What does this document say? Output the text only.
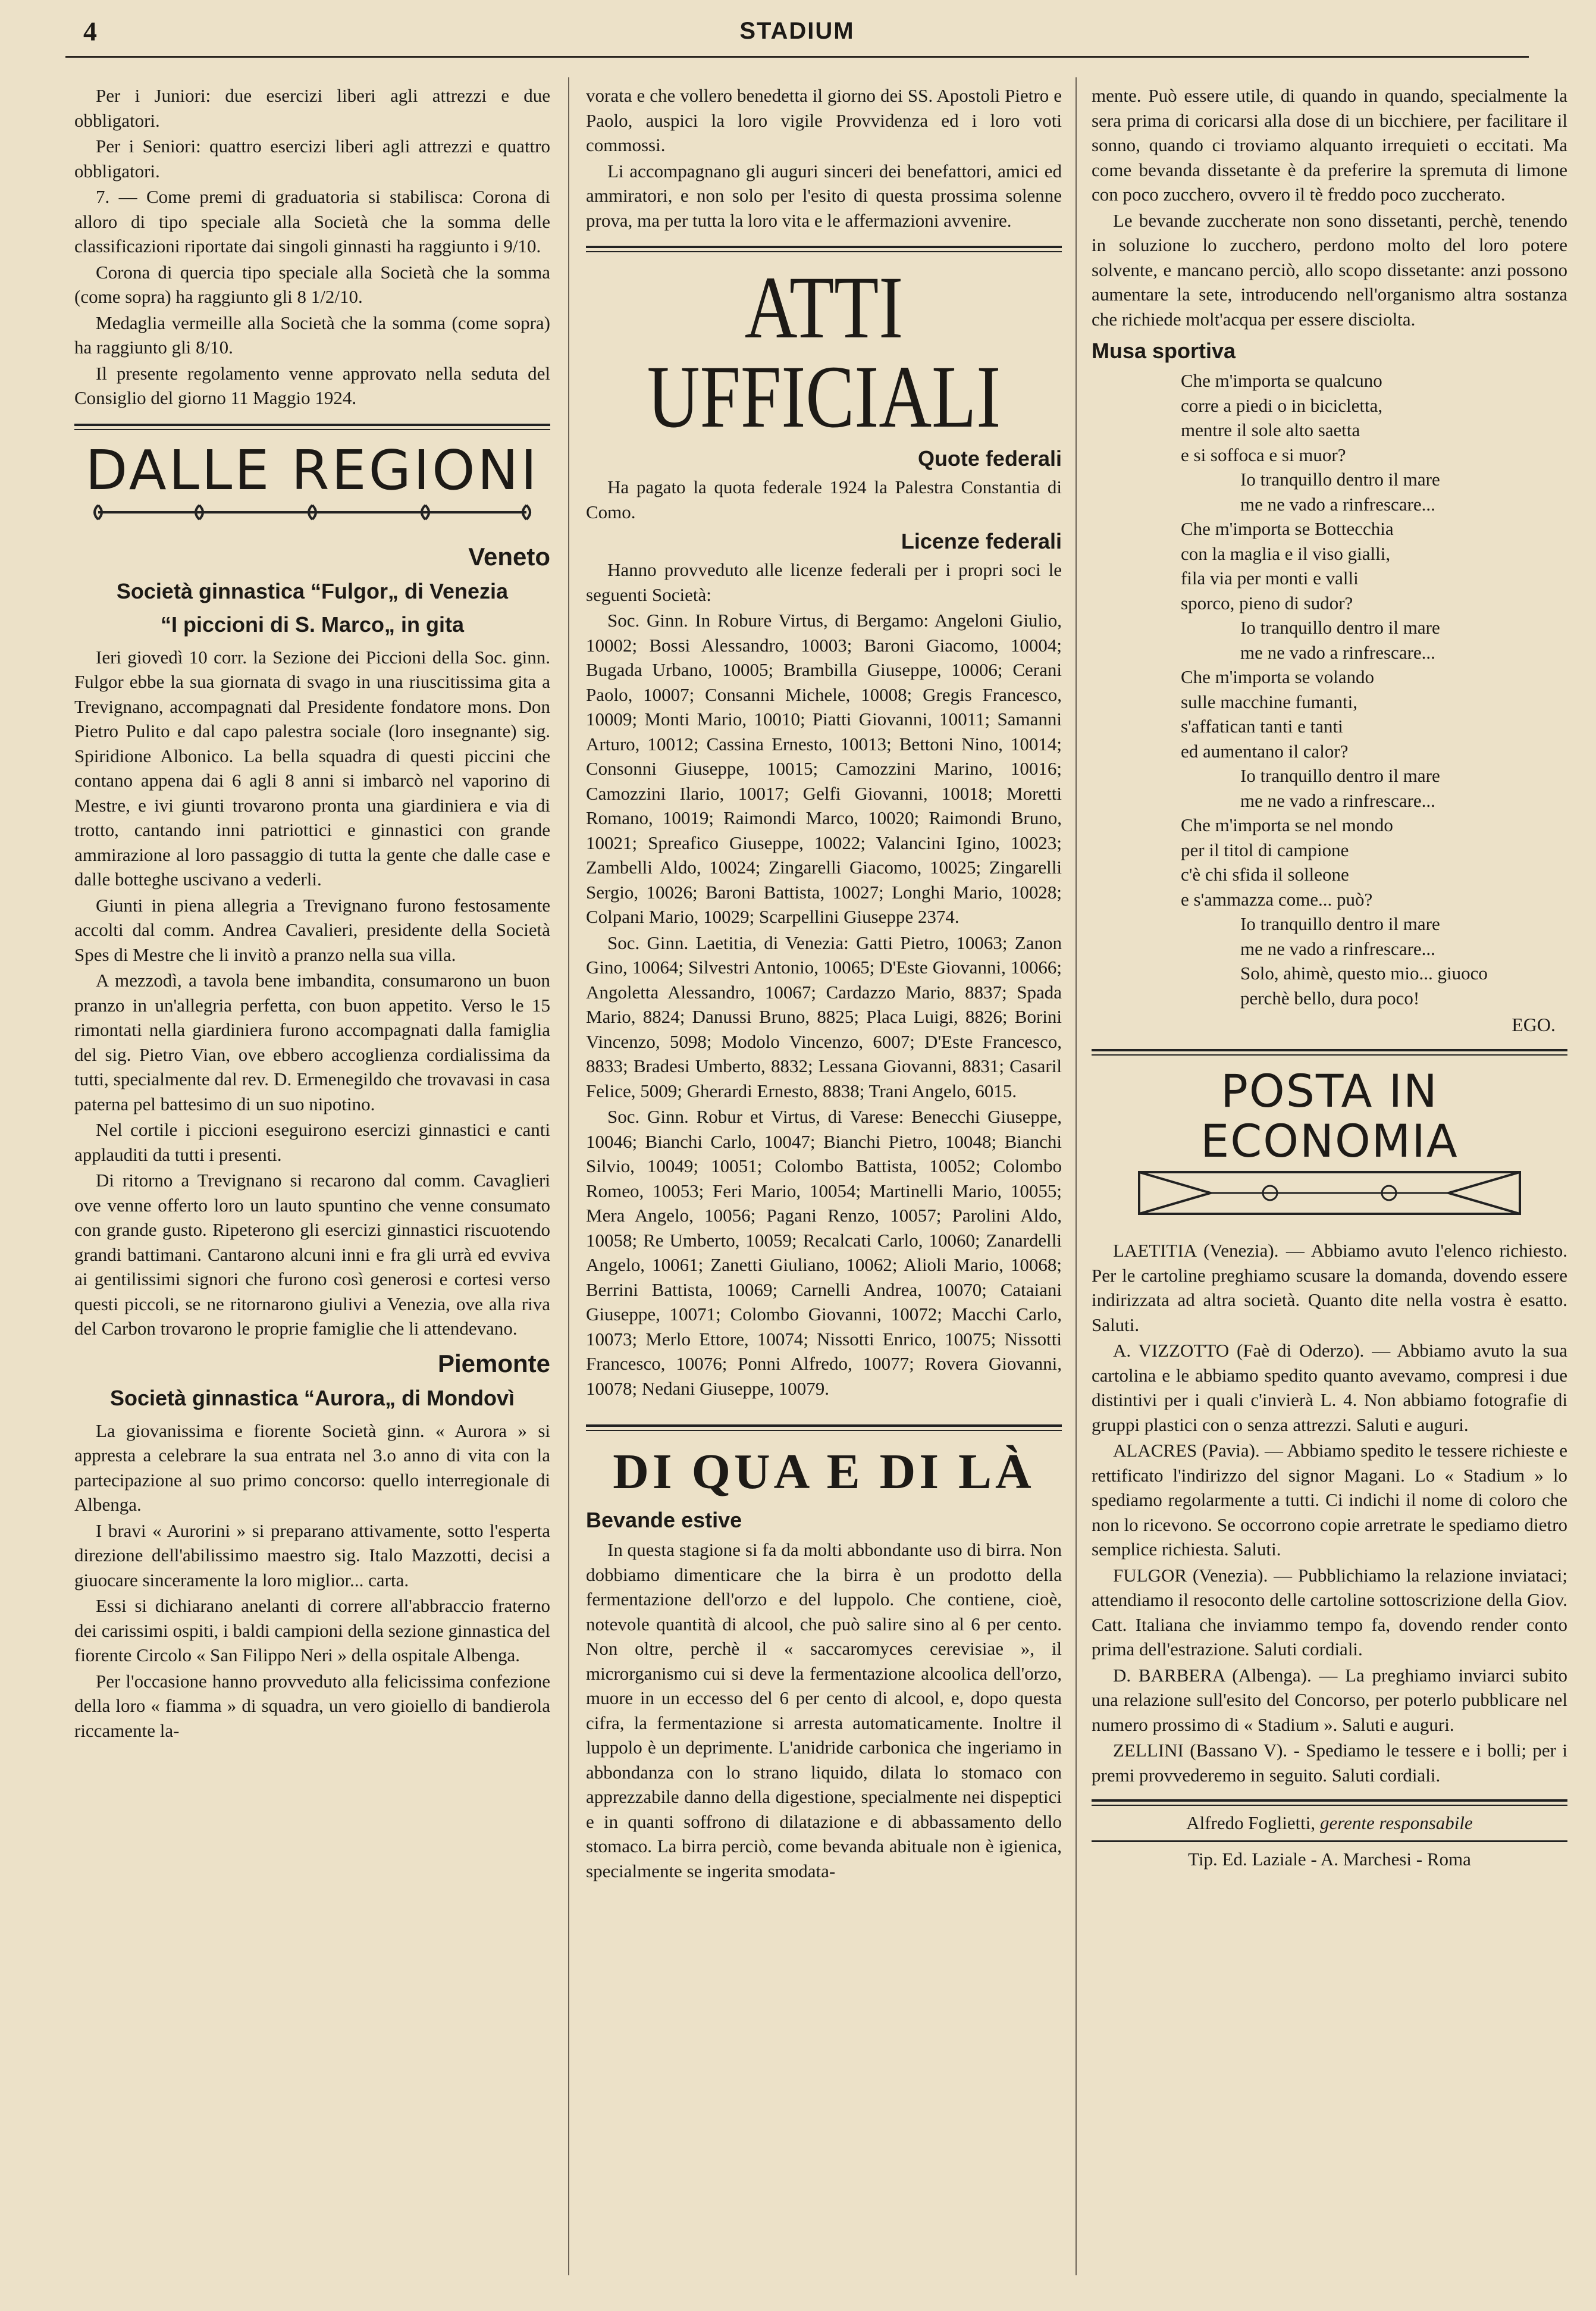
4	STADIUM

Per i Juniori: due esercizi liberi agli attrezzi e due obbligatori.

Per i Seniori: quattro esercizi liberi agli attrezzi e quattro obbligatori.

7. — Come premi di graduatoria si stabilisca: Corona di alloro di tipo speciale alla Società che la somma delle classificazioni riportate dai singoli ginnasti ha raggiunto i 9/10.

Corona di quercia tipo speciale alla Società che la somma (come sopra) ha raggiunto gli 8 1/2/10.

Medaglia vermeille alla Società che la somma (come sopra) ha raggiunto gli 8/10.

Il presente regolamento venne approvato nella seduta del Consiglio del giorno 11 Maggio 1924.

DALLE REGIONI
Veneto
Società ginnastica “Fulgor„ di Venezia
“I piccioni di S. Marco„ in gita

Ieri giovedì 10 corr. la Sezione dei Piccioni della Soc. ginn. Fulgor ebbe la sua giornata di svago in una riuscitissima gita a Trevignano, accompagnati dal Presidente fondatore mons. Don Pietro Pulito e dal capo palestra sociale (loro insegnante) sig. Spiridione Albonico. La bella squadra di questi piccini che contano appena dai 6 agli 8 anni si imbarcò nel vaporino di Mestre, e ivi giunti trovarono pronta una giardiniera e via di trotto, cantando inni patriottici e ginnastici con grande ammirazione al loro passaggio di tutta la gente che dalle case e dalle botteghe uscivano a vederli.

Giunti in piena allegria a Trevignano furono festosamente accolti dal comm. Andrea Cavalieri, presidente della Società Spes di Mestre che li invitò a pranzo nella sua villa.

A mezzodì, a tavola bene imbandita, consumarono un buon pranzo in un'allegria perfetta, con buon appetito. Verso le 15 rimontati nella giardiniera furono accompagnati dalla famiglia del sig. Pietro Vian, ove ebbero accoglienza cordialissima da tutti, specialmente dal rev. D. Ermenegildo che trovavasi in casa paterna pel battesimo di un suo nipotino.

Nel cortile i piccioni eseguirono esercizi ginnastici e canti applauditi da tutti i presenti.

Di ritorno a Trevignano si recarono dal comm. Cavaglieri ove venne offerto loro un lauto spuntino che venne consumato con grande gusto. Ripeterono gli esercizi ginnastici riscuotendo grandi battimani. Cantarono alcuni inni e fra gli urrà ed evviva ai gentilissimi signori che furono così generosi e cortesi verso questi piccoli, se ne ritornarono giulivi a Venezia, ove alla riva del Carbon trovarono le proprie famiglie che li attendevano.

Piemonte
Società ginnastica “Aurora„ di Mondovì

La giovanissima e fiorente Società ginn. « Aurora » si appresta a celebrare la sua entrata nel 3.o anno di vita con la partecipazione al suo primo concorso: quello interregionale di Albenga.

I bravi « Aurorini » si preparano attivamente, sotto l'esperta direzione dell'abilissimo maestro sig. Italo Mazzotti, decisi a giuocare sinceramente la loro miglior... carta.

Essi si dichiarano anelanti di correre all'abbraccio fraterno dei carissimi ospiti, i baldi campioni della sezione ginnastica del fiorente Circolo « San Filippo Neri » della ospitale Albenga.

Per l'occasione hanno provveduto alla felicissima confezione della loro « fiamma » di squadra, un vero gioiello di bandierola riccamente la-

vorata e che vollero benedetta il giorno dei SS. Apostoli Pietro e Paolo, auspici la loro vigile Provvidenza ed i loro voti commossi.

Li accompagnano gli auguri sinceri dei benefattori, amici ed ammiratori, e non solo per l'esito di questa prossima solenne prova, ma per tutta la loro vita e le affermazioni avvenire.

ATTI UFFICIALI
Quote federali

Ha pagato la quota federale 1924 la Palestra Constantia di Como.

Licenze federali

Hanno provveduto alle licenze federali per i propri soci le seguenti Società:

Soc. Ginn. In Robure Virtus, di Bergamo: Angeloni Giulio, 10002; Bossi Alessandro, 10003; Baroni Giacomo, 10004; Bugada Urbano, 10005; Brambilla Giuseppe, 10006; Cerani Paolo, 10007; Consanni Michele, 10008; Gregis Francesco, 10009; Monti Mario, 10010; Piatti Giovanni, 10011; Samanni Arturo, 10012; Cassina Ernesto, 10013; Bettoni Nino, 10014; Consonni Giuseppe, 10015; Camozzini Marino, 10016; Camozzini Ilario, 10017; Gelfi Giovanni, 10018; Moretti Romano, 10019; Raimondi Marco, 10020; Raimondi Bruno, 10021; Spreafico Giuseppe, 10022; Valancini Igino, 10023; Zambelli Aldo, 10024; Zingarelli Giacomo, 10025; Zingarelli Sergio, 10026; Baroni Battista, 10027; Longhi Mario, 10028; Colpani Mario, 10029; Scarpellini Giuseppe 2374.

Soc. Ginn. Laetitia, di Venezia: Gatti Pietro, 10063; Zanon Gino, 10064; Silvestri Antonio, 10065; D'Este Giovanni, 10066; Angoletta Alessandro, 10067; Cardazzo Mario, 8837; Spada Mario, 8824; Danussi Bruno, 8825; Placa Luigi, 8826; Borini Vincenzo, 5098; Modolo Vincenzo, 6007; D'Este Francesco, 8833; Bradesi Umberto, 8832; Lessana Giovanni, 8831; Casaril Felice, 5009; Gherardi Ernesto, 8838; Trani Angelo, 6015.

Soc. Ginn. Robur et Virtus, di Varese: Benecchi Giuseppe, 10046; Bianchi Carlo, 10047; Bianchi Pietro, 10048; Bianchi Silvio, 10049; 10051; Colombo Battista, 10052; Colombo Romeo, 10053; Feri Mario, 10054; Martinelli Mario, 10055; Mera Angelo, 10056; Pagani Renzo, 10057; Parolini Aldo, 10058; Re Umberto, 10059; Recalcati Carlo, 10060; Zanardelli Angelo, 10061; Zanetti Giuliano, 10062; Alioli Mario, 10068; Berrini Battista, 10069; Carnelli Andrea, 10070; Cataiani Giuseppe, 10071; Colombo Giovanni, 10072; Macchi Carlo, 10073; Merlo Ettore, 10074; Nissotti Enrico, 10075; Nissotti Francesco, 10076; Ponni Alfredo, 10077; Rovera Giovanni, 10078; Nedani Giuseppe, 10079.

DI QUA E DI LÀ
Bevande estive

In questa stagione si fa da molti abbondante uso di birra. Non dobbiamo dimenticare che la birra è un prodotto della fermentazione dell'orzo e del luppolo. Che contiene, cioè, notevole quantità di alcool, che può salire sino al 6 per cento. Non oltre, perchè il « saccaromyces cerevisiae », il microrganismo cui si deve la fermentazione alcoolica dell'orzo, muore in un eccesso del 6 per cento di alcool, e, dopo questa cifra, la fermentazione si arresta automaticamente. Inoltre il luppolo è un deprimente. L'anidride carbonica che ingeriamo in abbondanza con lo strano liquido, dilata lo stomaco con apprezzabile danno della digestione, specialmente nei dispeptici e in quanti soffrono di dilatazione e di abbassamento dello stomaco. La birra perciò, come bevanda abituale non è igienica, specialmente se ingerita smodata-

mente. Può essere utile, di quando in quando, specialmente la sera prima di coricarsi alla dose di un bicchiere, per facilitare il sonno, quando ci troviamo alquanto irrequieti o eccitati. Ma come bevanda dissetante è da preferire la spremuta di limone con poco zucchero, ovvero il tè freddo poco zuccherato.

Le bevande zuccherate non sono dissetanti, perchè, tenendo in soluzione lo zucchero, perdono molto del loro potere solvente, e mancano perciò, allo scopo dissetante: anzi possono aumentare la sete, introducendo nell'organismo altra sostanza che richiede molt'acqua per essere disciolta.

Musa sportiva
Che m'importa se qualcuno
corre a piedi o in bicicletta,
mentre il sole alto saetta
e si soffoca e si muor?
Io tranquillo dentro il mare
me ne vado a rinfrescare...
Che m'importa se Bottecchia
con la maglia e il viso gialli,
fila via per monti e valli
sporco, pieno di sudor?
Io tranquillo dentro il mare
me ne vado a rinfrescare...
Che m'importa se volando
sulle macchine fumanti,
s'affatican tanti e tanti
ed aumentano il calor?
Io tranquillo dentro il mare
me ne vado a rinfrescare...
Che m'importa se nel mondo
per il titol di campione
c'è chi sfida il solleone
e s'ammazza come... può?
Io tranquillo dentro il mare
me ne vado a rinfrescare...
Solo, ahimè, questo mio... giuoco
perchè bello, dura poco!
EGO.
POSTA IN ECONOMIA

LAETITIA (Venezia). — Abbiamo avuto l'elenco richiesto. Per le cartoline preghiamo scusare la domanda, dovendo essere indirizzata ad altra società. Quanto dite nella vostra è esatto. Saluti.

A. VIZZOTTO (Faè di Oderzo). — Abbiamo avuto la sua cartolina e le abbiamo spedito quanto avevamo, compresi i due distintivi per i quali c'invierà L. 4. Non abbiamo fotografie di gruppi plastici con o senza attrezzi. Saluti e auguri.

ALACRES (Pavia). — Abbiamo spedito le tessere richieste e rettificato l'indirizzo del signor Magani. Lo « Stadium » lo spediamo regolarmente a tutti. Ci indichi il nome di coloro che non lo ricevono. Se occorrono copie arretrate le spediamo dietro semplice richiesta. Saluti.

FULGOR (Venezia). — Pubblichiamo la relazione inviataci; attendiamo il resoconto delle cartoline sottoscrizione della Giov. Catt. Italiana che inviammo tempo fa, dovendo render conto prima dell'estrazione. Saluti cordiali.

D. BARBERA (Albenga). — La preghiamo inviarci subito una relazione sull'esito del Concorso, per poterlo pubblicare nel numero prossimo di « Stadium ». Saluti e auguri.

ZELLINI (Bassano V). - Spediamo le tessere e i bolli; per i premi provvederemo in seguito. Saluti cordiali.

Alfredo Foglietti, gerente responsabile
Tip. Ed. Laziale - A. Marchesi - Roma
